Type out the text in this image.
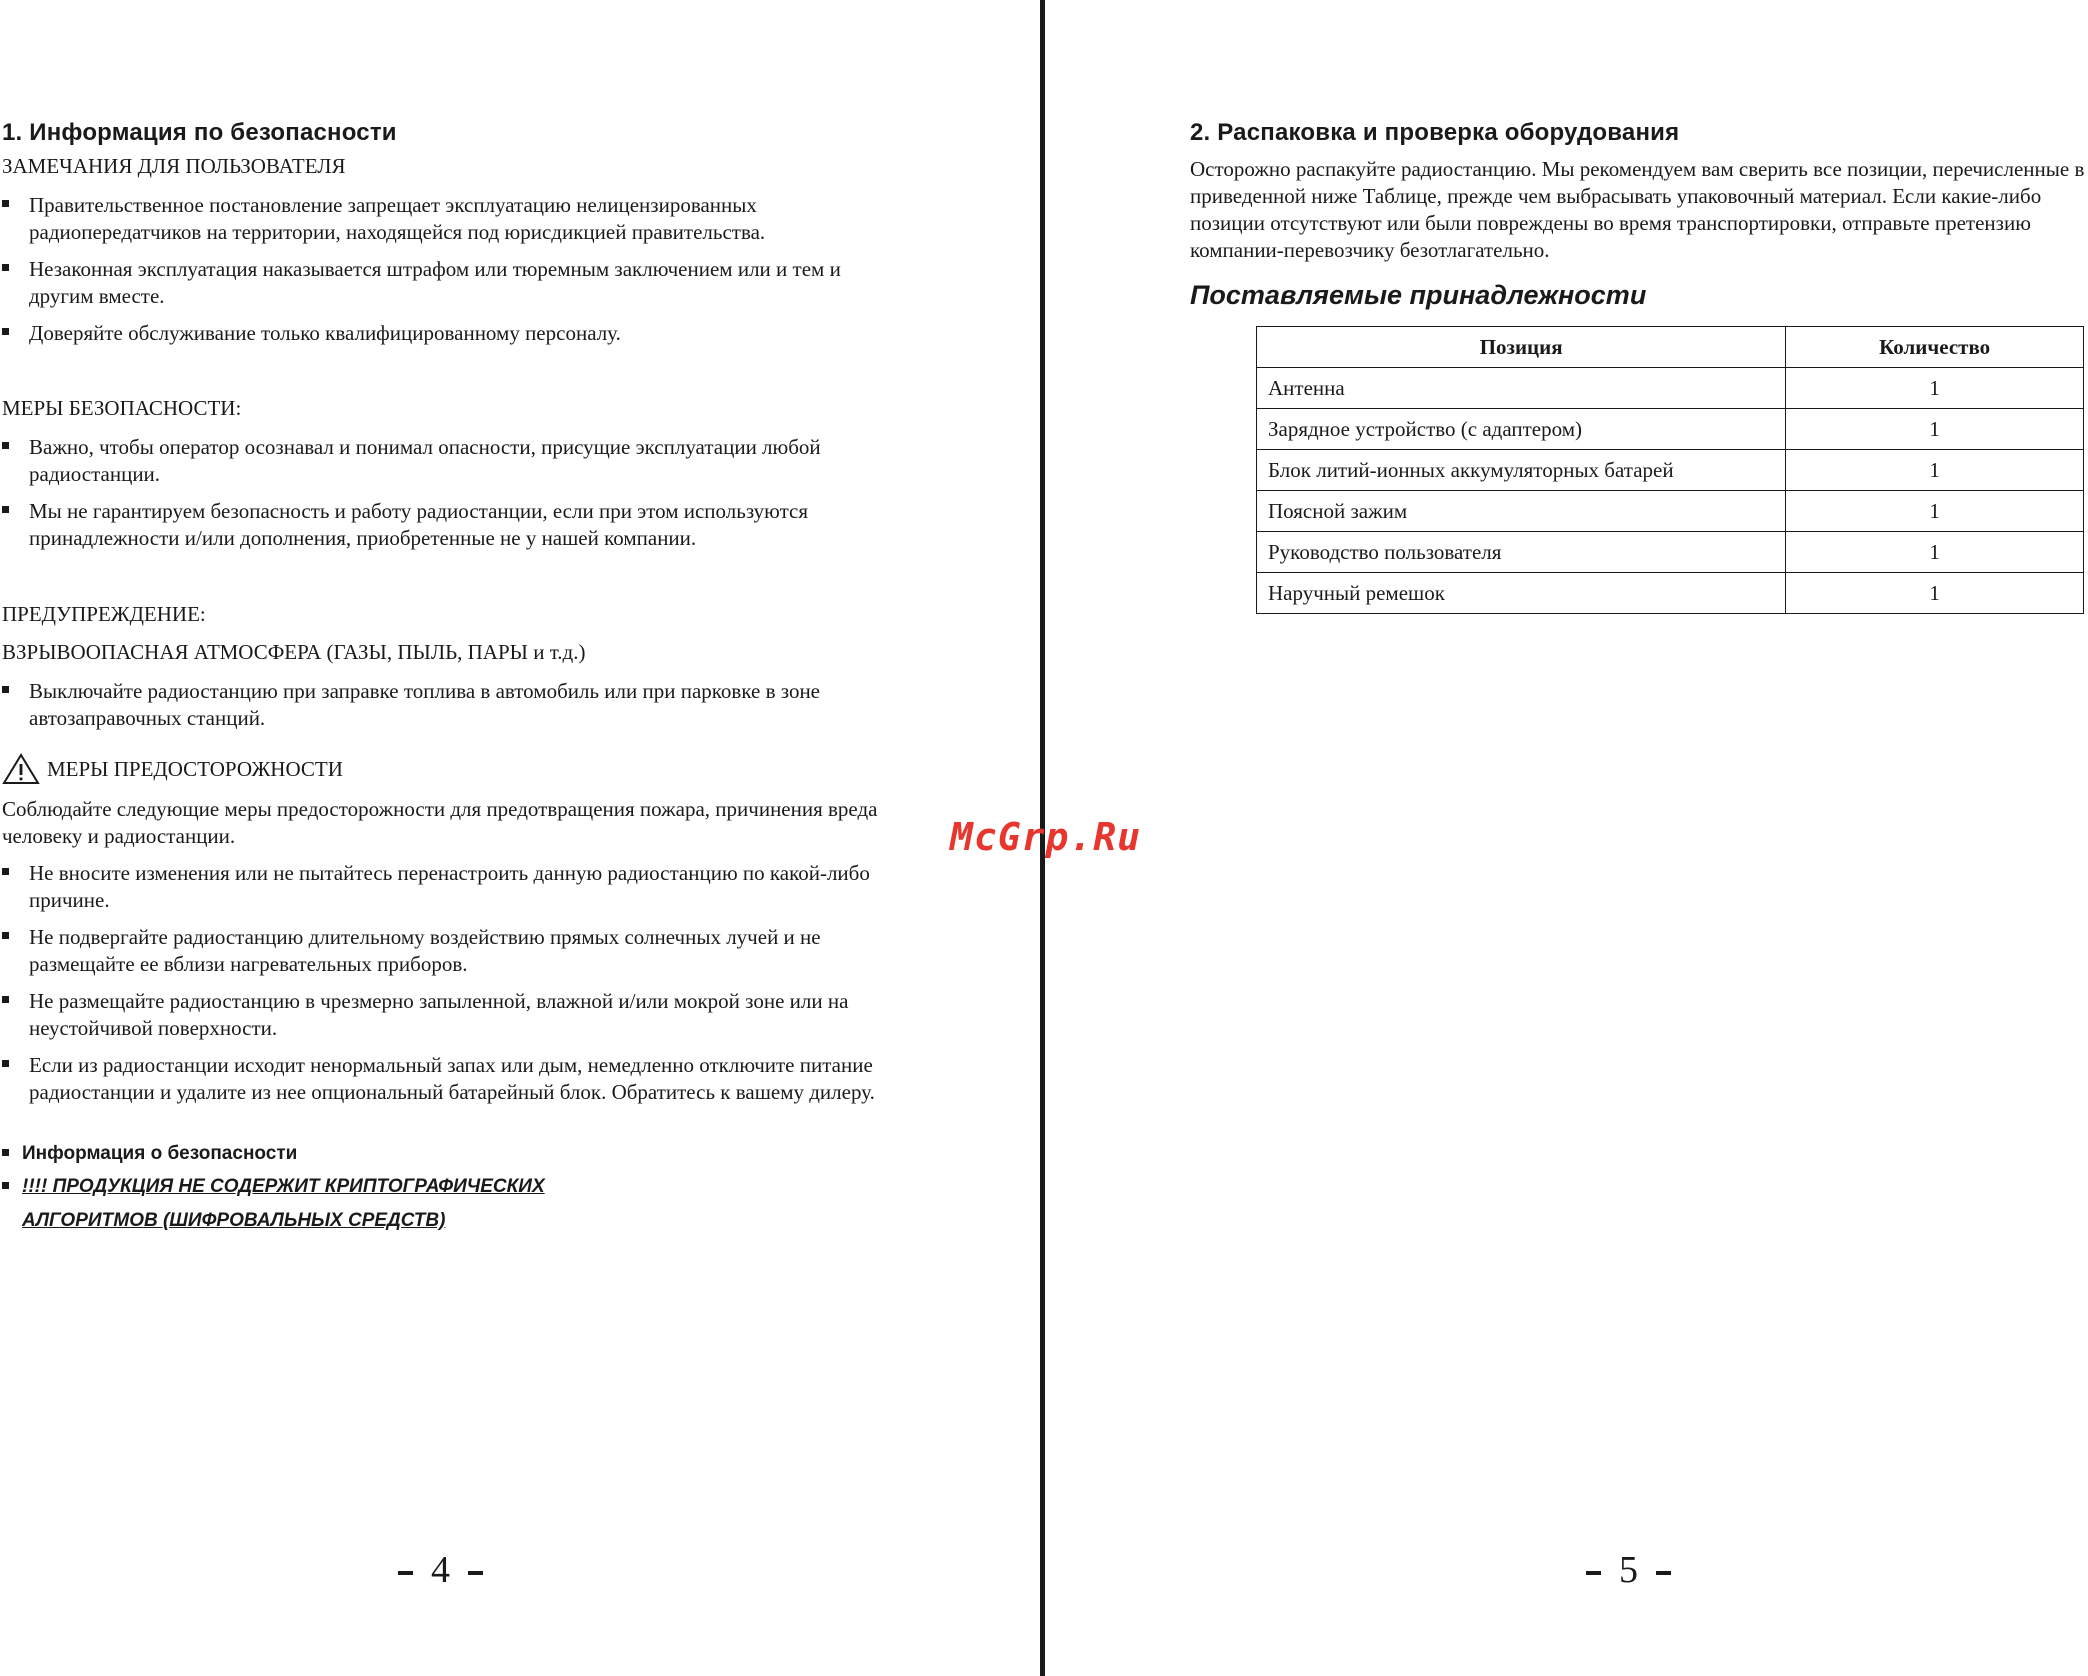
1. Информация по безопасности
ЗАМЕЧАНИЯ ДЛЯ ПОЛЬЗОВАТЕЛЯ
Правительственное постановление запрещает эксплуатацию нелицензированных радиопередатчиков на территории, находящейся под юрисдикцией правительства.
Незаконная эксплуатация наказывается штрафом или тюремным заключением или и тем и другим вместе.
Доверяйте обслуживание только квалифицированному персоналу.
МЕРЫ БЕЗОПАСНОСТИ:
Важно, чтобы оператор осознавал и понимал опасности, присущие эксплуатации любой радиостанции.
Мы не гарантируем безопасность и работу радиостанции, если при этом используются принадлежности и/или дополнения, приобретенные не у нашей компании.
ПРЕДУПРЕЖДЕНИЕ:
ВЗРЫВООПАСНАЯ АТМОСФЕРА (ГАЗЫ, ПЫЛЬ, ПАРЫ и т.д.)
Выключайте радиостанцию при заправке топлива в автомобиль или при парковке в зоне автозаправочных станций.
МЕРЫ ПРЕДОСТОРОЖНОСТИ
Соблюдайте следующие меры предосторожности для предотвращения пожара, причинения вреда человеку и радиостанции.
Не вносите изменения или не пытайтесь перенастроить данную радиостанцию по какой-либо причине.
Не подвергайте радиостанцию длительному воздействию прямых солнечных лучей и не размещайте ее вблизи нагревательных приборов.
Не размещайте радиостанцию в чрезмерно запыленной, влажной и/или мокрой зоне или на неустойчивой поверхности.
Если из радиостанции исходит ненормальный запах или дым, немедленно отключите питание радиостанции и удалите из нее опциональный батарейный блок. Обратитесь к вашему дилеру.
Информация о безопасности
!!!! ПРОДУКЦИЯ НЕ СОДЕРЖИТ КРИПТОГРАФИЧЕСКИХ
АЛГОРИТМОВ (ШИФРОВАЛЬНЫХ СРЕДСТВ)
4
2. Распаковка и проверка оборудования
Осторожно распакуйте радиостанцию. Мы рекомендуем вам сверить все позиции, перечисленные в приведенной ниже Таблице, прежде чем выбрасывать упаковочный материал. Если какие-либо позиции отсутствуют или были повреждены во время транспортировки, отправьте претензию компании-перевозчику безотлагательно.
Поставляемые принадлежности
Позиция	Количество
Антенна	1
Зарядное устройство (с адаптером)	1
Блок литий-ионных аккумуляторных батарей	1
Поясной зажим	1
Руководство пользователя	1
Наручный ремешок	1
5
McGrp.Ru
